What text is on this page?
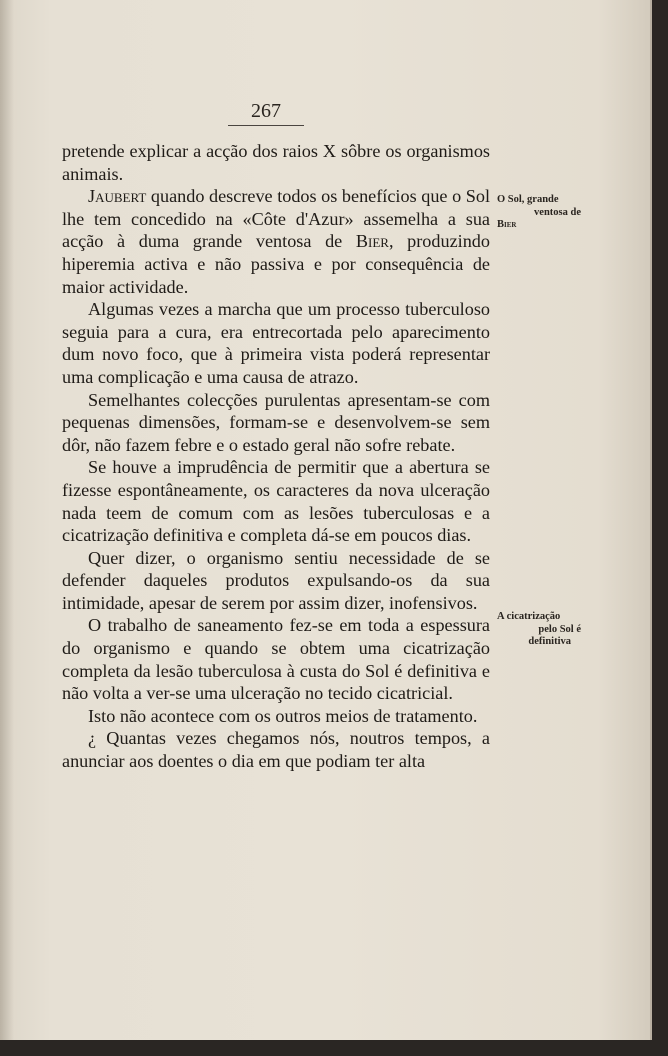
267

pretende explicar a acção dos raios X sôbre os organismos animais.

Jaubert quando descreve todos os benefícios que o Sol lhe tem concedido na «Côte d'Azur» assemelha a sua acção à duma grande ventosa de Bier, produzindo hiperemia activa e não passiva e por consequência de maior actividade.

Algumas vezes a marcha que um processo tuberculoso seguia para a cura, era entrecortada pelo aparecimento dum novo foco, que à primeira vista poderá representar uma complicação e uma causa de atrazo.

Semelhantes colecções purulentas apresentam-se com pequenas dimensões, formam-se e desenvolvem-se sem dôr, não fazem febre e o estado geral não sofre rebate.

Se houve a imprudência de permitir que a abertura se fizesse espontâneamente, os caracteres da nova ulceração nada teem de comum com as lesões tuberculosas e a cicatrização definitiva e completa dá-se em poucos dias.

Quer dizer, o organismo sentiu necessidade de se defender daqueles produtos expulsando-os da sua intimidade, apesar de serem por assim dizer, inofensivos.

O trabalho de saneamento fez-se em toda a espessura do organismo e quando se obtem uma cicatrização completa da lesão tuberculosa à custa do Sol é definitiva e não volta a ver-se uma ulceração no tecido cicatricial.

Isto não acontece com os outros meios de tratamento.

¿ Quantas vezes chegamos nós, noutros tempos, a anunciar aos doentes o dia em que podiam ter alta

O Sol, grande
ventosa de
Bier
A cicatrização
pelo Sol é
definitiva
